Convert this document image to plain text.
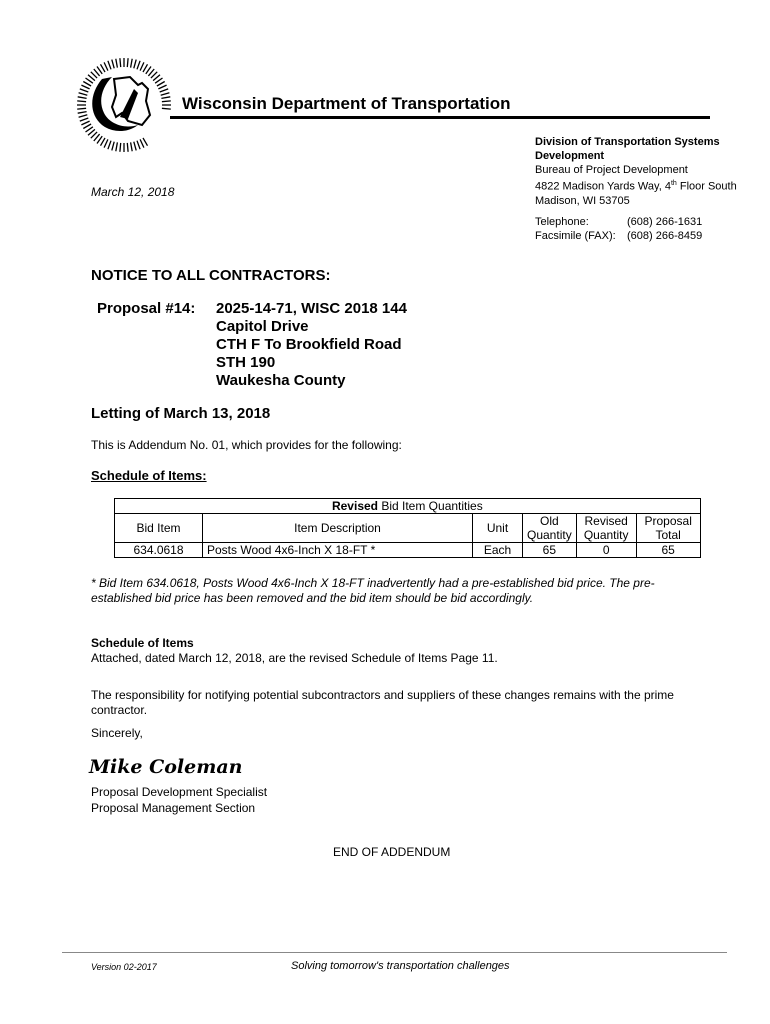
Wisconsin Department of Transportation
Division of Transportation Systems Development
Bureau of Project Development
4822 Madison Yards Way, 4th Floor South
Madison, WI 53705
March 12, 2018
Telephone:	(608) 266-1631
Facsimile (FAX): (608) 266-8459
NOTICE TO ALL CONTRACTORS:
Proposal #14: 2025-14-71, WISC 2018 144
Capitol Drive
CTH F To Brookfield Road
STH 190
Waukesha County
Letting of March 13, 2018
This is Addendum No. 01, which provides for the following:
Schedule of Items:
Revised Bid Item Quantities					
Bid Item	Item Description	Unit	Old Quantity	Revised Quantity	Proposal Total
634.0618	Posts Wood 4x6-Inch X 18-FT *	Each	65	0	65
* Bid Item 634.0618, Posts Wood 4x6-Inch X 18-FT inadvertently had a pre-established bid price. The pre-established bid price has been removed and the bid item should be bid accordingly.
Schedule of Items
Attached, dated March 12, 2018, are the revised Schedule of Items Page 11.
The responsibility for notifying potential subcontractors and suppliers of these changes remains with the prime contractor.
Sincerely,
Mike Coleman
Proposal Development Specialist
Proposal Management Section
END OF ADDENDUM
Version 02-2017	Solving tomorrow's transportation challenges
